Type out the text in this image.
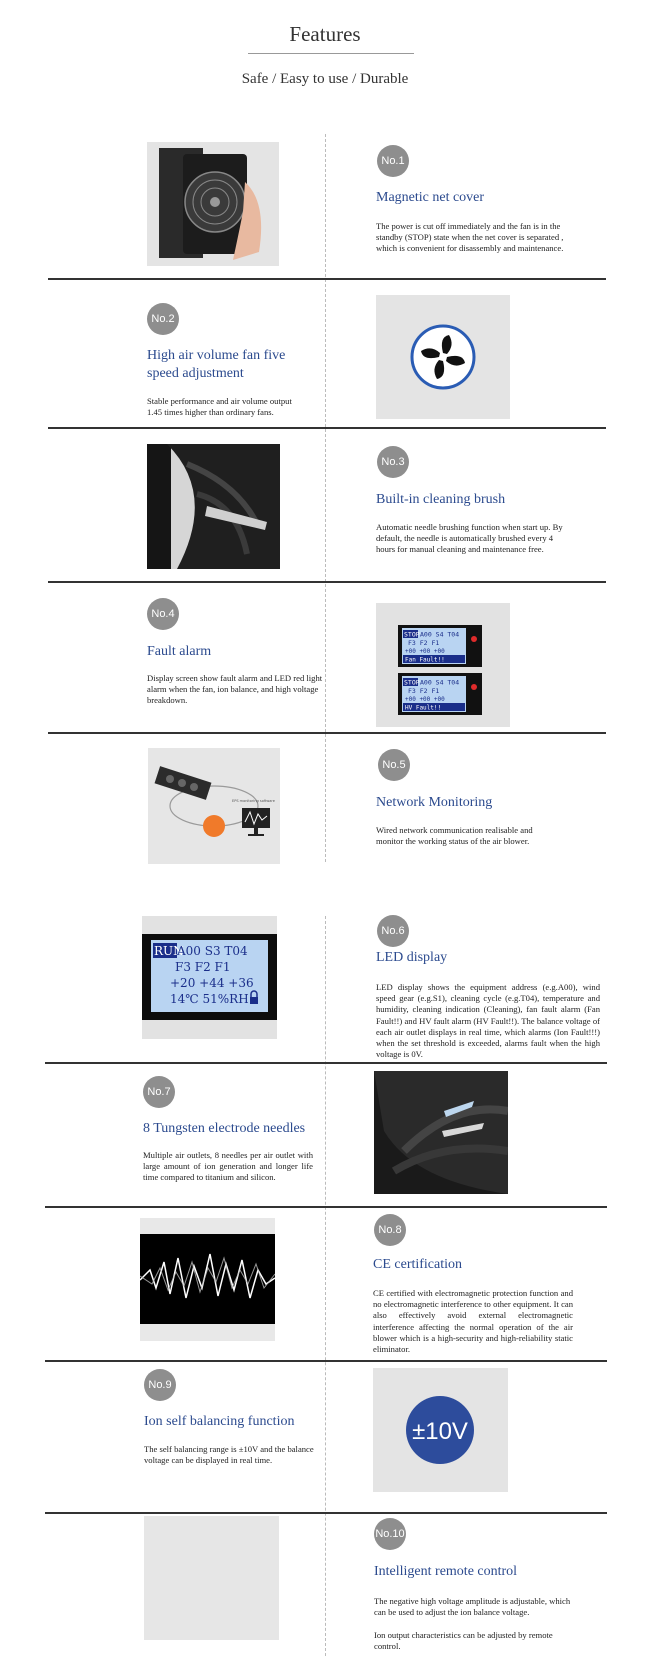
Features
Safe / Easy to use / Durable
No.1
Magnetic net cover
The power is cut off immediately and the fan is in the standby (STOP) state when the net cover is separated , which is convenient for disassembly and maintenance.
No.2
High air volume fan five speed adjustment
Stable performance and air volume output 1.45 times higher than ordinary fans.
No.3
Built-in cleaning brush
Automatic needle brushing function when start up. By default, the needle is automatically brushed every 4 hours for manual cleaning and maintenance free.
No.4
Fault alarm
Display screen show fault alarm and LED red light alarm when the fan, ion balance, and high voltage breakdown.
STOP A00 S4 T04
F3 F2 F1
+00 +00 +00
Fan Fault!!
STOP A00 S4 T04
F3 F2 F1
+00 +00 +00
HV Fault!!
EPS monitoring software
No.5
Network Monitoring
Wired network communication realisable and monitor the working status of the air blower.
RUN
A00 S3 T04
F3 F2 F1
+20 +44 +36
14℃ 51%RH
No.6
LED display
LED display shows the equipment address (e.g.A00), wind speed gear (e.g.S1), cleaning cycle (e.g.T04), temperature and humidity, cleaning indication (Cleaning), fan fault alarm (Fan Fault!!) and HV fault alarm (HV Fault!!). The balance voltage of each air outlet displays in real time, which alarms (Ion Fault!!!) when the set threshold is exceeded, alarms fault when the high voltage is 0V.
No.7
8 Tungsten electrode needles
Multiple air outlets, 8 needles per air outlet with large amount of ion generation and longer life time compared to titanium and silicon.
No.8
CE certification
CE certified with electromagnetic protection function and no electromagnetic interference to other equipment. It can also effectively avoid external electromagnetic interference affecting the normal operation of the air blower which is a high-security and high-reliability static eliminator.
No.9
Ion self balancing function
The self balancing range is ±10V and the balance voltage can be displayed in real time.
±10V
No.10
Intelligent remote control
The negative high voltage amplitude is adjustable, which can be used to adjust the ion balance voltage.
Ion output characteristics can be adjusted by remote control.
